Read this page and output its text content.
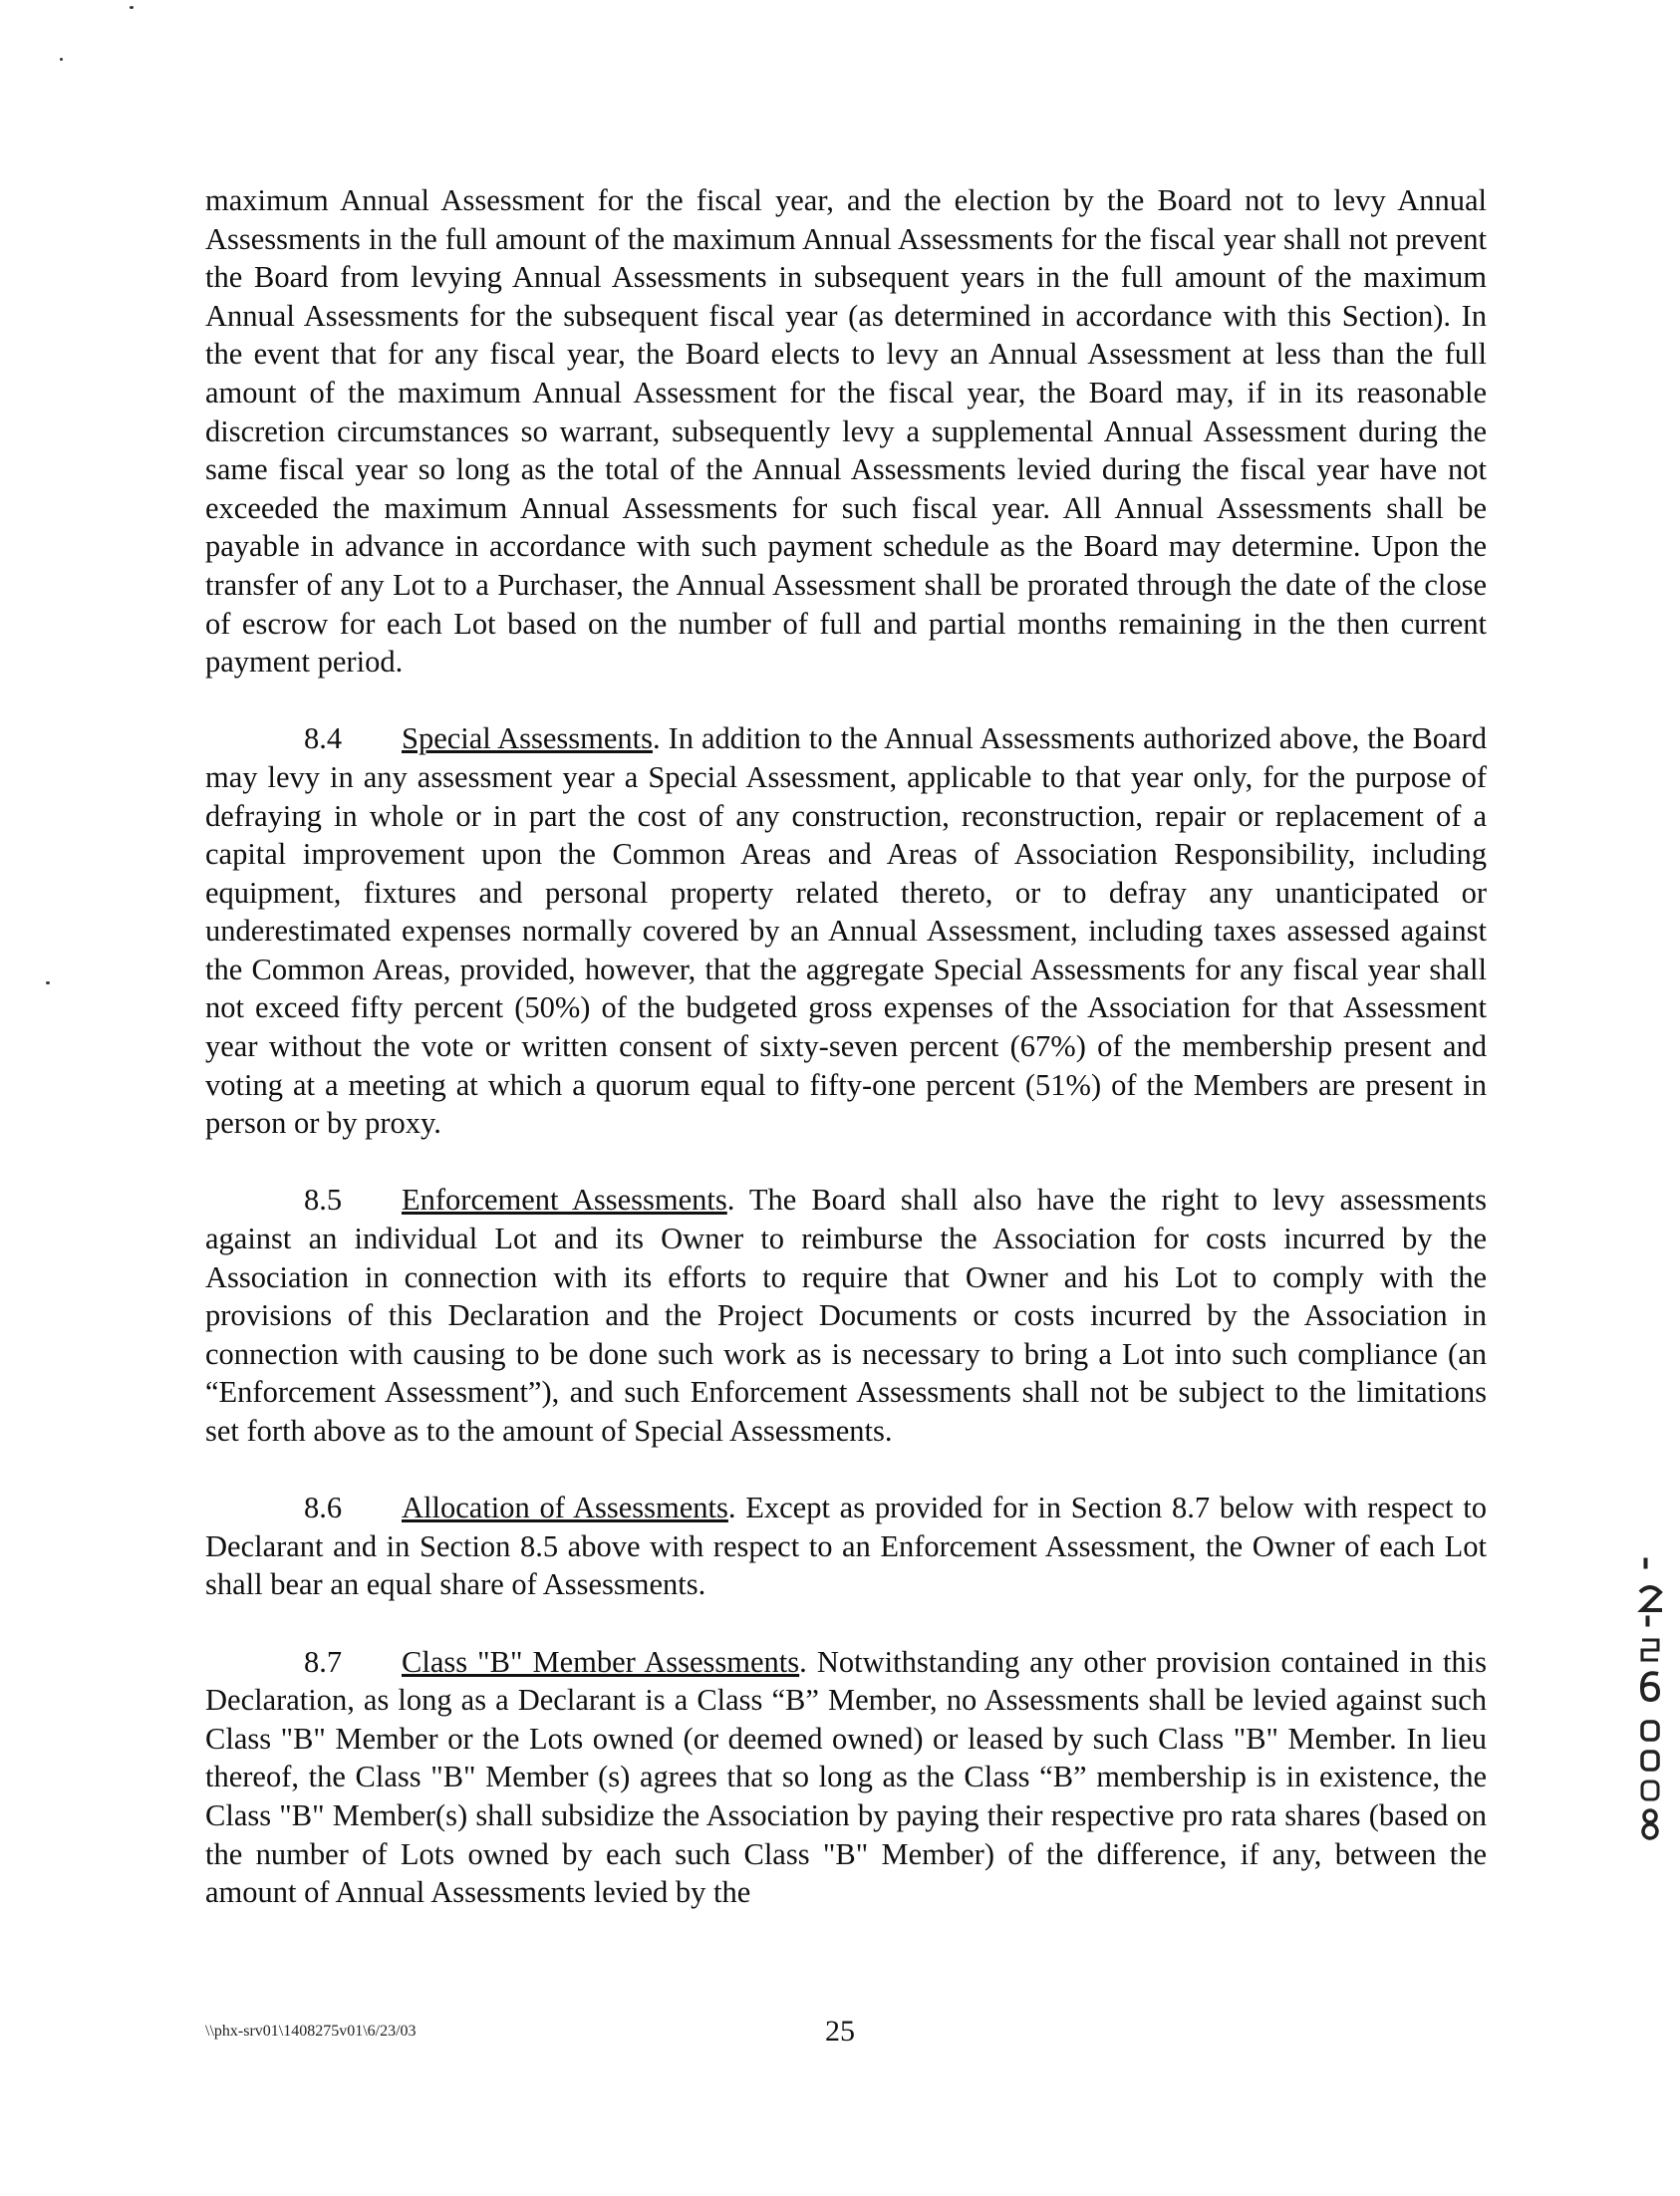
maximum Annual Assessment for the fiscal year, and the election by the Board not to levy Annual Assessments in the full amount of the maximum Annual Assessments for the fiscal year shall not prevent the Board from levying Annual Assessments in subsequent years in the full amount of the maximum Annual Assessments for the subsequent fiscal year (as determined in accordance with this Section). In the event that for any fiscal year, the Board elects to levy an Annual Assessment at less than the full amount of the maximum Annual Assessment for the fiscal year, the Board may, if in its reasonable discretion circumstances so warrant, subsequently levy a supplemental Annual Assessment during the same fiscal year so long as the total of the Annual Assessments levied during the fiscal year have not exceeded the maximum Annual Assessments for such fiscal year. All Annual Assessments shall be payable in advance in accordance with such payment schedule as the Board may determine. Upon the transfer of any Lot to a Purchaser, the Annual Assessment shall be prorated through the date of the close of escrow for each Lot based on the number of full and partial months remaining in the then current payment period.

8.4 Special Assessments. In addition to the Annual Assessments authorized above, the Board may levy in any assessment year a Special Assessment, applicable to that year only, for the purpose of defraying in whole or in part the cost of any construction, reconstruction, repair or replacement of a capital improvement upon the Common Areas and Areas of Association Responsibility, including equipment, fixtures and personal property related thereto, or to defray any unanticipated or underestimated expenses normally covered by an Annual Assessment, including taxes assessed against the Common Areas, provided, however, that the aggregate Special Assessments for any fiscal year shall not exceed fifty percent (50%) of the budgeted gross expenses of the Association for that Assessment year without the vote or written consent of sixty-seven percent (67%) of the membership present and voting at a meeting at which a quorum equal to fifty-one percent (51%) of the Members are present in person or by proxy.

8.5 Enforcement Assessments. The Board shall also have the right to levy assessments against an individual Lot and its Owner to reimburse the Association for costs incurred by the Association in connection with its efforts to require that Owner and his Lot to comply with the provisions of this Declaration and the Project Documents or costs incurred by the Association in connection with causing to be done such work as is necessary to bring a Lot into such compliance (an “Enforcement Assessment”), and such Enforcement Assessments shall not be subject to the limitations set forth above as to the amount of Special Assessments.

8.6 Allocation of Assessments. Except as provided for in Section 8.7 below with respect to Declarant and in Section 8.5 above with respect to an Enforcement Assessment, the Owner of each Lot shall bear an equal share of Assessments.

8.7 Class "B" Member Assessments. Notwithstanding any other provision contained in this Declaration, as long as a Declarant is a Class “B” Member, no Assessments shall be levied against such Class "B" Member or the Lots owned (or deemed owned) or leased by such Class "B" Member. In lieu thereof, the Class "B" Member (s) agrees that so long as the Class “B” membership is in existence, the Class "B" Member(s) shall subsidize the Association by paying their respective pro rata shares (based on the number of Lots owned by each such Class "B" Member) of the difference, if any, between the amount of Annual Assessments levied by the

\\phx-srv01\1408275v01\6/23/03	25
